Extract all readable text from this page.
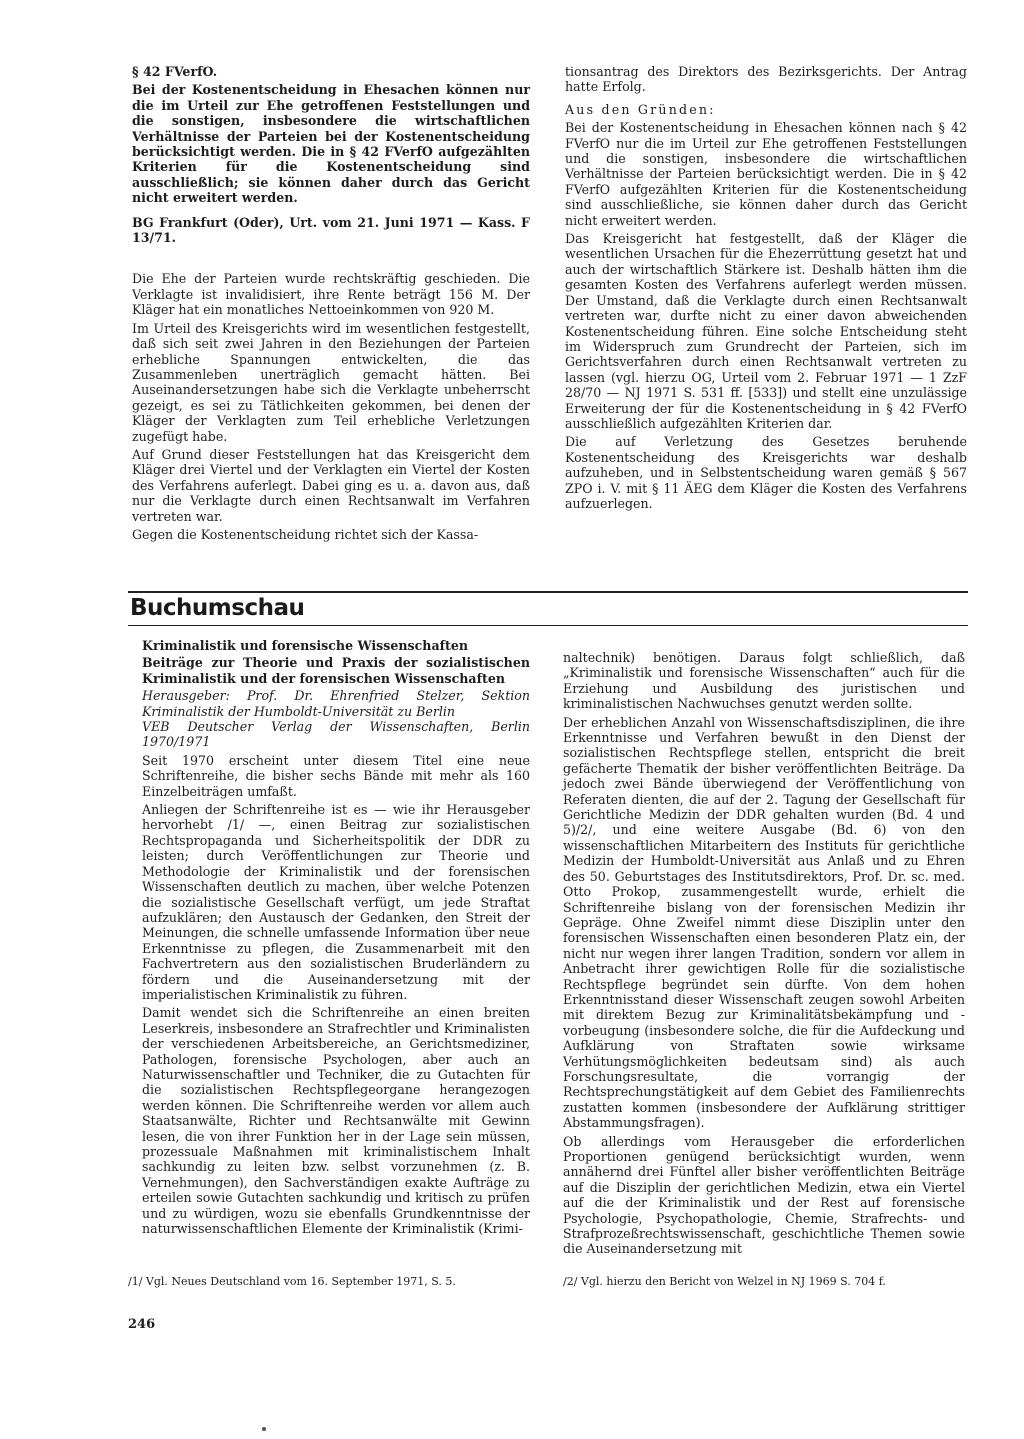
§ 42 FVerfO.

Bei der Kostenentscheidung in Ehesachen können nur die im Urteil zur Ehe getroffenen Feststellungen und die sonstigen, insbesondere die wirtschaftlichen Verhältnisse der Parteien bei der Kostenentscheidung berücksichtigt werden. Die in § 42 FVerfO aufgezählten Kriterien für die Kostenentscheidung sind ausschließlich; sie können daher durch das Gericht nicht erweitert werden.

BG Frankfurt (Oder), Urt. vom 21. Juni 1971 — Kass. F 13/71.

Die Ehe der Parteien wurde rechtskräftig geschieden. Die Verklagte ist invalidisiert, ihre Rente beträgt 156 M. Der Kläger hat ein monatliches Nettoeinkommen von 920 M.

Im Urteil des Kreisgerichts wird im wesentlichen festgestellt, daß sich seit zwei Jahren in den Beziehungen der Parteien erhebliche Spannungen entwickelten, die das Zusammenleben unerträglich gemacht hätten. Bei Auseinandersetzungen habe sich die Verklagte unbeherrscht gezeigt, es sei zu Tätlichkeiten gekommen, bei denen der Kläger der Verklagten zum Teil erhebliche Verletzungen zugefügt habe.

Auf Grund dieser Feststellungen hat das Kreisgericht dem Kläger drei Viertel und der Verklagten ein Viertel der Kosten des Verfahrens auferlegt. Dabei ging es u. a. davon aus, daß nur die Verklagte durch einen Rechtsanwalt im Verfahren vertreten war.

Gegen die Kostenentscheidung richtet sich der Kassa-

tionsantrag des Direktors des Bezirksgerichts. Der Antrag hatte Erfolg.

Aus den Gründen:

Bei der Kostenentscheidung in Ehesachen können nach § 42 FVerfO nur die im Urteil zur Ehe getroffenen Feststellungen und die sonstigen, insbesondere die wirtschaftlichen Verhältnisse der Parteien berücksichtigt werden. Die in § 42 FVerfO aufgezählten Kriterien für die Kostenentscheidung sind ausschließliche, sie können daher durch das Gericht nicht erweitert werden.

Das Kreisgericht hat festgestellt, daß der Kläger die wesentlichen Ursachen für die Ehezerrüttung gesetzt hat und auch der wirtschaftlich Stärkere ist. Deshalb hätten ihm die gesamten Kosten des Verfahrens auferlegt werden müssen. Der Umstand, daß die Verklagte durch einen Rechtsanwalt vertreten war, durfte nicht zu einer davon abweichenden Kostenentscheidung führen. Eine solche Entscheidung steht im Widerspruch zum Grundrecht der Parteien, sich im Gerichtsverfahren durch einen Rechtsanwalt vertreten zu lassen (vgl. hierzu OG, Urteil vom 2. Februar 1971 — 1 ZzF 28/70 — NJ 1971 S. 531 ff. [533]) und stellt eine unzulässige Erweiterung der für die Kostenentscheidung in § 42 FVerfO ausschließlich aufgezählten Kriterien dar.

Die auf Verletzung des Gesetzes beruhende Kostenentscheidung des Kreisgerichts war deshalb aufzuheben, und in Selbstentscheidung waren gemäß § 567 ZPO i. V. mit § 11 ÄEG dem Kläger die Kosten des Verfahrens aufzuerlegen.

Buchumschau

Kriminalistik und forensische Wissenschaften

Beiträge zur Theorie und Praxis der sozialistischen Kriminalistik und der forensischen Wissenschaften

Herausgeber: Prof. Dr. Ehrenfried Stelzer, Sektion Kriminalistik der Humboldt-Universität zu Berlin

VEB Deutscher Verlag der Wissenschaften, Berlin 1970/1971

Seit 1970 erscheint unter diesem Titel eine neue Schriftenreihe, die bisher sechs Bände mit mehr als 160 Einzelbeiträgen umfaßt.

Anliegen der Schriftenreihe ist es — wie ihr Herausgeber hervorhebt /1/ —, einen Beitrag zur sozialistischen Rechtspropaganda und Sicherheitspolitik der DDR zu leisten; durch Veröffentlichungen zur Theorie und Methodologie der Kriminalistik und der forensischen Wissenschaften deutlich zu machen, über welche Potenzen die sozialistische Gesellschaft verfügt, um jede Straftat aufzuklären; den Austausch der Gedanken, den Streit der Meinungen, die schnelle umfassende Information über neue Erkenntnisse zu pflegen, die Zusammenarbeit mit den Fachvertretern aus den sozialistischen Bruderländern zu fördern und die Auseinandersetzung mit der imperialistischen Kriminalistik zu führen.

Damit wendet sich die Schriftenreihe an einen breiten Leserkreis, insbesondere an Strafrechtler und Kriminalisten der verschiedenen Arbeitsbereiche, an Gerichtsmediziner, Pathologen, forensische Psychologen, aber auch an Naturwissenschaftler und Techniker, die zu Gutachten für die sozialistischen Rechtspflegeorgane herangezogen werden können. Die Schriftenreihe werden vor allem auch Staatsanwälte, Richter und Rechtsanwälte mit Gewinn lesen, die von ihrer Funktion her in der Lage sein müssen, prozessuale Maßnahmen mit kriminalistischem Inhalt sachkundig zu leiten bzw. selbst vorzunehmen (z. B. Vernehmungen), den Sachverständigen exakte Aufträge zu erteilen sowie Gutachten sachkundig und kritisch zu prüfen und zu würdigen, wozu sie ebenfalls Grundkenntnisse der naturwissenschaftlichen Elemente der Kriminalistik (Krimi-

naltechnik) benötigen. Daraus folgt schließlich, daß „Kriminalistik und forensische Wissenschaften“ auch für die Erziehung und Ausbildung des juristischen und kriminalistischen Nachwuchses genutzt werden sollte.

Der erheblichen Anzahl von Wissenschaftsdisziplinen, die ihre Erkenntnisse und Verfahren bewußt in den Dienst der sozialistischen Rechtspflege stellen, entspricht die breit gefächerte Thematik der bisher veröffentlichten Beiträge. Da jedoch zwei Bände überwiegend der Veröffentlichung von Referaten dienten, die auf der 2. Tagung der Gesellschaft für Gerichtliche Medizin der DDR gehalten wurden (Bd. 4 und 5)/2/, und eine weitere Ausgabe (Bd. 6) von den wissenschaftlichen Mitarbeitern des Instituts für gerichtliche Medizin der Humboldt-Universität aus Anlaß und zu Ehren des 50. Geburtstages des Institutsdirektors, Prof. Dr. sc. med. Otto Prokop, zusammengestellt wurde, erhielt die Schriftenreihe bislang von der forensischen Medizin ihr Gepräge. Ohne Zweifel nimmt diese Disziplin unter den forensischen Wissenschaften einen besonderen Platz ein, der nicht nur wegen ihrer langen Tradition, sondern vor allem in Anbetracht ihrer gewichtigen Rolle für die sozialistische Rechtspflege begründet sein dürfte. Von dem hohen Erkenntnisstand dieser Wissenschaft zeugen sowohl Arbeiten mit direktem Bezug zur Kriminalitätsbekämpfung und -vorbeugung (insbesondere solche, die für die Aufdeckung und Aufklärung von Straftaten sowie wirksame Verhütungsmöglichkeiten bedeutsam sind) als auch Forschungsresultate, die vorrangig der Rechtsprechungstätigkeit auf dem Gebiet des Familienrechts zustatten kommen (insbesondere der Aufklärung strittiger Abstammungsfragen).

Ob allerdings vom Herausgeber die erforderlichen Proportionen genügend berücksichtigt wurden, wenn annähernd drei Fünftel aller bisher veröffentlichten Beiträge auf die Disziplin der gerichtlichen Medizin, etwa ein Viertel auf die der Kriminalistik und der Rest auf forensische Psychologie, Psychopathologie, Chemie, Strafrechts- und Strafprozeßrechtswissenschaft, geschichtliche Themen sowie die Auseinandersetzung mit

/1/ Vgl. Neues Deutschland vom 16. September 1971, S. 5.	/2/ Vgl. hierzu den Bericht von Welzel in NJ 1969 S. 704 f.

246
